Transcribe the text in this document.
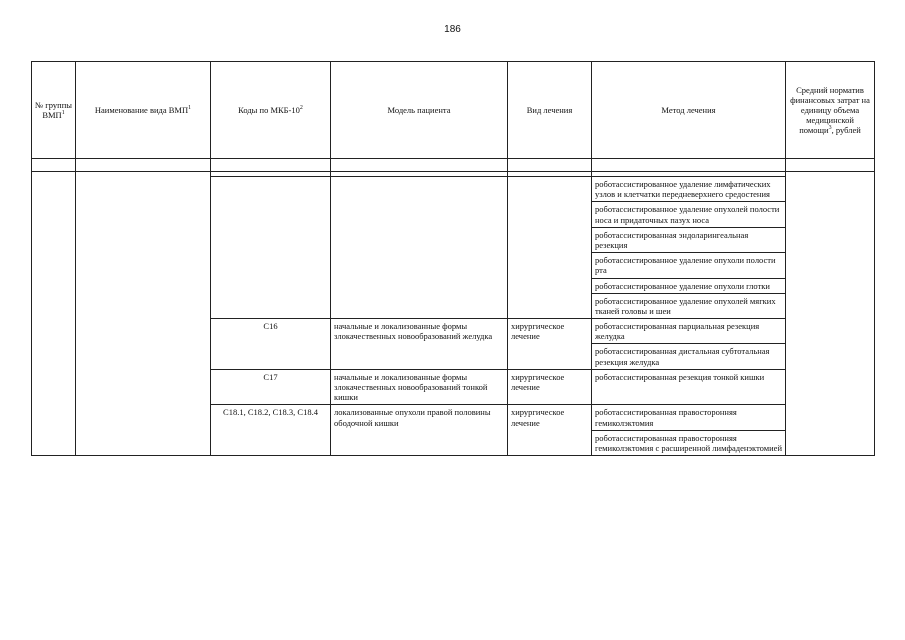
186
№ группы ВМП$^1$	Наименование вида ВМП$^1$	Коды по МКБ-$10^2$	Модель пациента	Вид лечения	Метод лечения	Средний норматив финансовых затрат на единицу объема медицинской помощи$^3$, рублей

					роботассистированное удаление лимфатических узлов и клетчатки передневерхнего средостения	
					роботассистированное удаление опухолей полости носа и придаточных пазух носа	
					роботассистированная эндоларингеальная резекция	
					роботассистированное удаление опухоли полости рта	
					роботассистированное удаление опухоли глотки	
					роботассистированное удаление опухолей мягких тканей головы и шеи	
		C16	начальные и локализованные формы злокачественных новообразований желудка	хирургическое лечение	роботассистированная парциальная резекция желудка	
					роботассистированная дистальная субтотальная резекция желудка	
		C17	начальные и локализованные формы злокачественных новообразований тонкой кишки	хирургическое лечение	роботассистированная резекция тонкой кишки	
		C18.1, C18.2, C18.3, C18.4	локализованные опухоли правой половины ободочной кишки	хирургическое лечение	роботассистированная правосторонняя гемиколэктомия	
					роботассистированная правосторонняя гемиколэктомия с расширенной лимфаденэктомией	
